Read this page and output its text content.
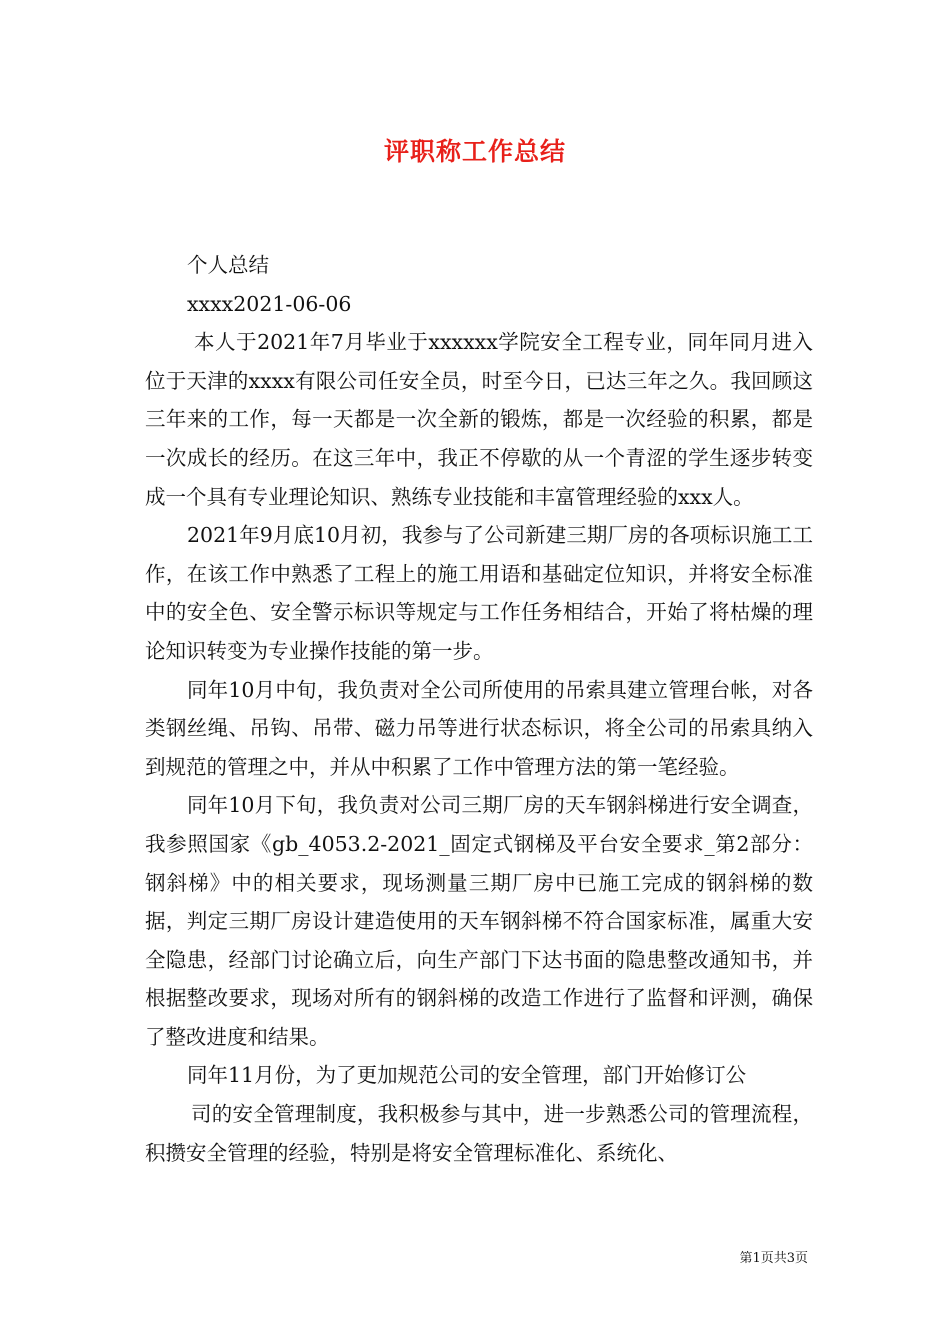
评职称工作总结

个人总结

xxxx2021-06-06

本人于2021年7月毕业于xxxxxx学院安全工程专业，同年同月进入位于天津的xxxx有限公司任安全员，时至今日，已达三年之久。我回顾这三年来的工作，每一天都是一次全新的锻炼，都是一次经验的积累，都是一次成长的经历。在这三年中，我正不停歇的从一个青涩的学生逐步转变成一个具有专业理论知识、熟练专业技能和丰富管理经验的xxx人。

2021年9月底10月初，我参与了公司新建三期厂房的各项标识施工工作，在该工作中熟悉了工程上的施工用语和基础定位知识，并将安全标准中的安全色、安全警示标识等规定与工作任务相结合，开始了将枯燥的理论知识转变为专业操作技能的第一步。

同年10月中旬，我负责对全公司所使用的吊索具建立管理台帐，对各类钢丝绳、吊钩、吊带、磁力吊等进行状态标识，将全公司的吊索具纳入到规范的管理之中，并从中积累了工作中管理方法的第一笔经验。

同年10月下旬，我负责对公司三期厂房的天车钢斜梯进行安全调查，我参照国家《gb_4053.2-2021_固定式钢梯及平台安全要求_第2部分：钢斜梯》中的相关要求，现场测量三期厂房中已施工完成的钢斜梯的数据，判定三期厂房设计建造使用的天车钢斜梯不符合国家标准，属重大安全隐患，经部门讨论确立后，向生产部门下达书面的隐患整改通知书，并根据整改要求，现场对所有的钢斜梯的改造工作进行了监督和评测，确保了整改进度和结果。

同年11月份，为了更加规范公司的安全管理，部门开始修订公

司的安全管理制度，我积极参与其中，进一步熟悉公司的管理流程，积攒安全管理的经验，特别是将安全管理标准化、系统化、

第1页共3页
